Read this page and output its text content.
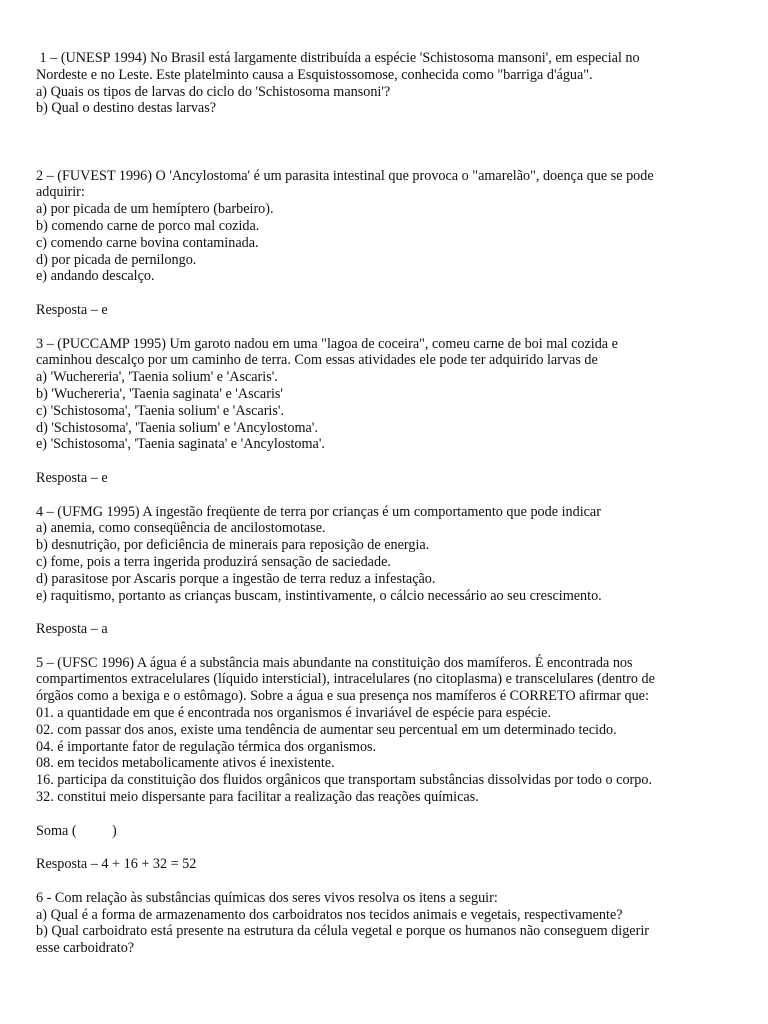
1 – (UNESP 1994) No Brasil está largamente distribuída a espécie 'Schistosoma mansoni', em especial no
Nordeste e no Leste. Este platelminto causa a Esquistossomose, conhecida como "barriga d'água".
a) Quais os tipos de larvas do ciclo do 'Schistosoma mansoni'?
b) Qual o destino destas larvas?
2 – (FUVEST 1996) O 'Ancylostoma' é um parasita intestinal que provoca o "amarelão", doença que se pode
adquirir:
a) por picada de um hemíptero (barbeiro).
b) comendo carne de porco mal cozida.
c) comendo carne bovina contaminada.
d) por picada de pernilongo.
e) andando descalço.
Resposta – e
3 – (PUCCAMP 1995) Um garoto nadou em uma "lagoa de coceira", comeu carne de boi mal cozida e
caminhou descalço por um caminho de terra. Com essas atividades ele pode ter adquirido larvas de
a) 'Wuchereria', 'Taenia solium' e 'Ascaris'.
b) 'Wuchereria', 'Taenia saginata' e 'Ascaris'
c) 'Schistosoma', 'Taenia solium' e 'Ascaris'.
d) 'Schistosoma', 'Taenia solium' e 'Ancylostoma'.
e) 'Schistosoma', 'Taenia saginata' e 'Ancylostoma'.
Resposta – e
4 – (UFMG 1995) A ingestão freqüente de terra por crianças é um comportamento que pode indicar
a) anemia, como conseqüência de ancilostomotase.
b) desnutrição, por deficiência de minerais para reposição de energia.
c) fome, pois a terra ingerida produzirá sensação de saciedade.
d) parasitose por Ascaris porque a ingestão de terra reduz a infestação.
e) raquitismo, portanto as crianças buscam, instintivamente, o cálcio necessário ao seu crescimento.
Resposta – a
5 – (UFSC 1996) A água é a substância mais abundante na constituição dos mamíferos. É encontrada nos
compartimentos extracelulares (líquido intersticial), intracelulares (no citoplasma) e transcelulares (dentro de
órgãos como a bexiga e o estômago). Sobre a água e sua presença nos mamíferos é CORRETO afirmar que:
01. a quantidade em que é encontrada nos organismos é invariável de espécie para espécie.
02. com passar dos anos, existe uma tendência de aumentar seu percentual em um determinado tecido.
04. é importante fator de regulação térmica dos organismos.
08. em tecidos metabolicamente ativos é inexistente.
16. participa da constituição dos fluidos orgânicos que transportam substâncias dissolvidas por todo o corpo.
32. constitui meio dispersante para facilitar a realização das reações químicas.
Soma (          )
Resposta – 4 + 16 + 32 = 52
6 - Com relação às substâncias químicas dos seres vivos resolva os itens a seguir:
a) Qual é a forma de armazenamento dos carboidratos nos tecidos animais e vegetais, respectivamente?
b) Qual carboidrato está presente na estrutura da célula vegetal e porque os humanos não conseguem digerir
esse carboidrato?
